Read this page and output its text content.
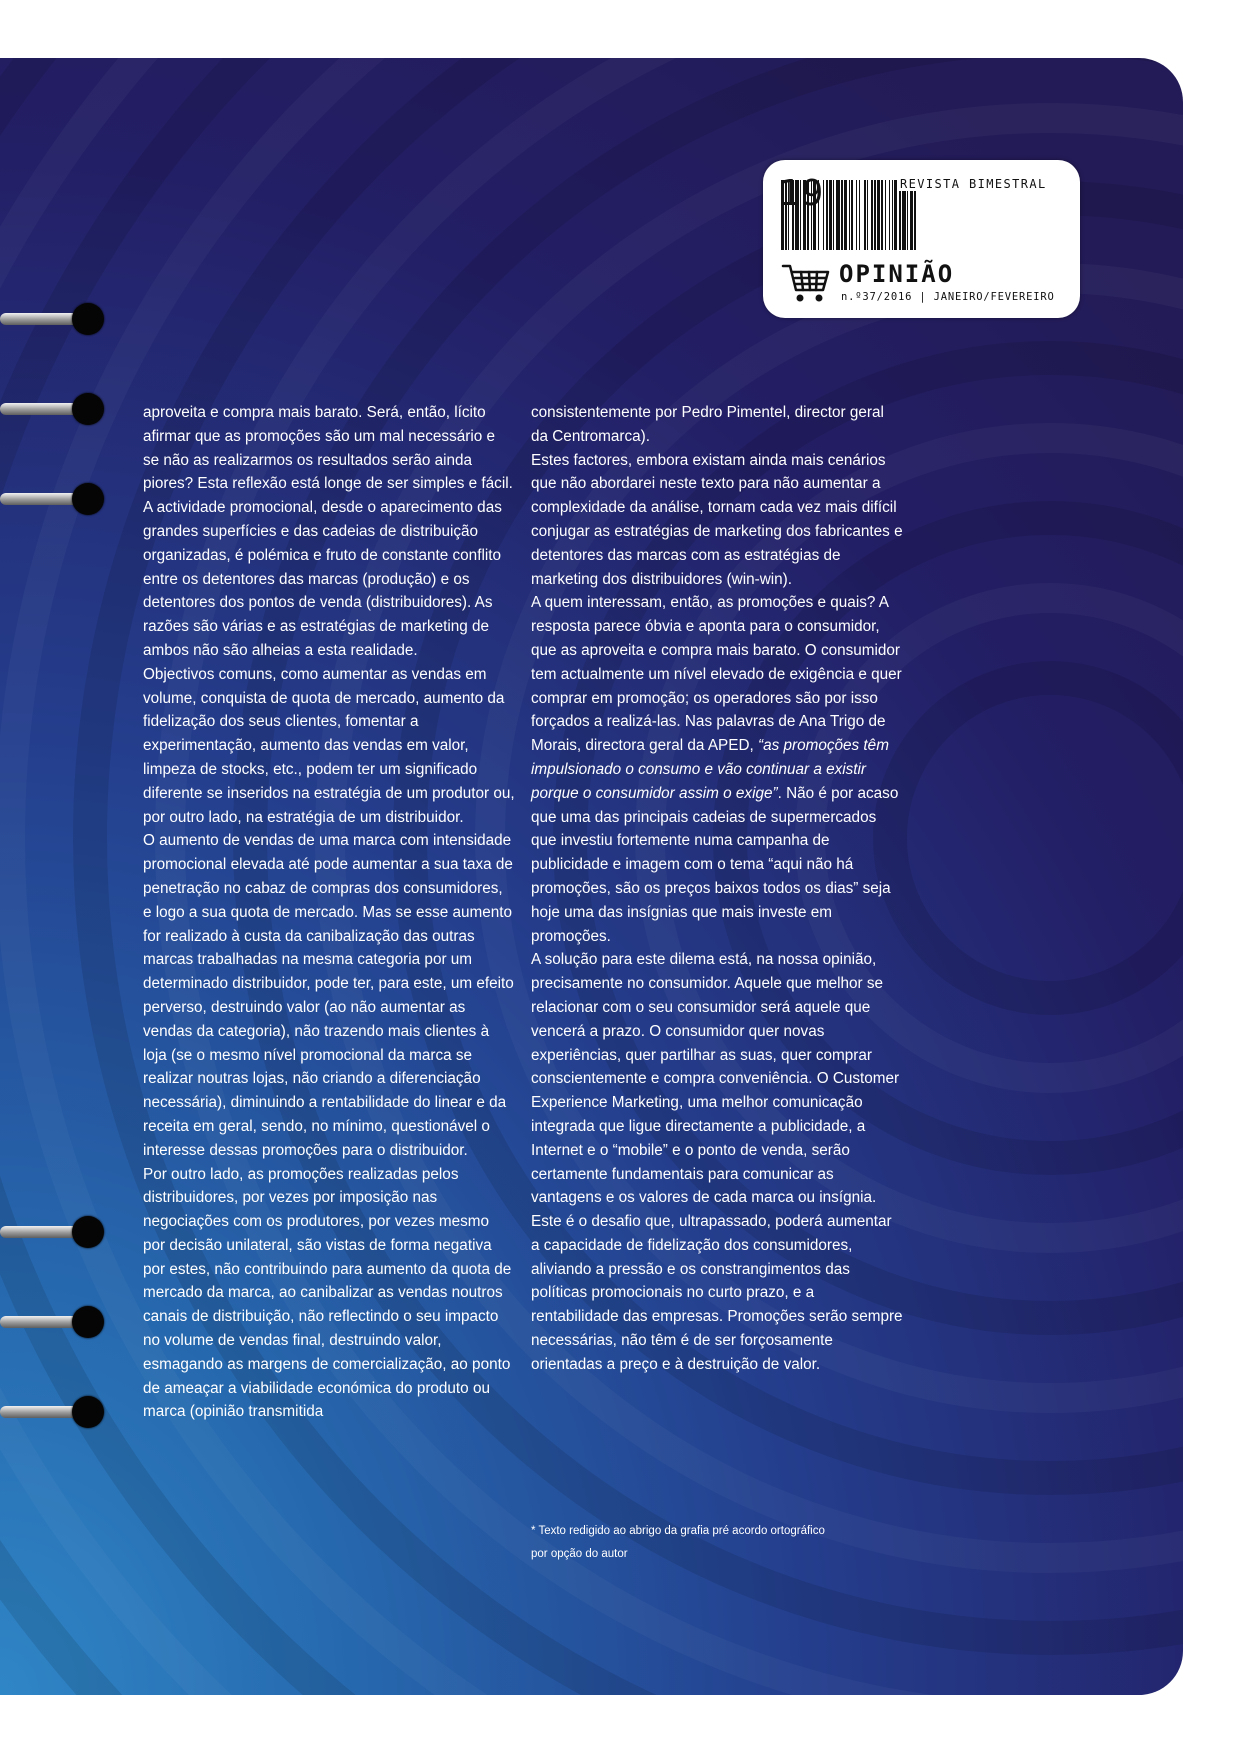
19	REVISTA BIMESTRAL
OPINIÃO
n.º37/2016 | JANEIRO/FEVEREIRO

aproveita e compra mais barato. Será, então, lícito afirmar que as promoções são um mal necessário e se não as realizarmos os resultados serão ainda piores? Esta reflexão está longe de ser simples e fácil.

A actividade promocional, desde o aparecimento das grandes superfícies e das cadeias de distribuição organizadas, é polémica e fruto de constante conflito entre os detentores das marcas (produção) e os detentores dos pontos de venda (distribuidores). As razões são várias e as estratégias de marketing de ambos não são alheias a esta realidade.

Objectivos comuns, como aumentar as vendas em volume, conquista de quota de mercado, aumento da fidelização dos seus clientes, fomentar a experimentação, aumento das vendas em valor, limpeza de stocks, etc., podem ter um significado diferente se inseridos na estratégia de um produtor ou, por outro lado, na estratégia de um distribuidor.

O aumento de vendas de uma marca com intensidade promocional elevada até pode aumentar a sua taxa de penetração no cabaz de compras dos consumidores, e logo a sua quota de mercado. Mas se esse aumento for realizado à custa da canibalização das outras marcas trabalhadas na mesma categoria por um determinado distribuidor, pode ter, para este, um efeito perverso, destruindo valor (ao não aumentar as vendas da categoria), não trazendo mais clientes à loja (se o mesmo nível promocional da marca se realizar noutras lojas, não criando a diferenciação necessária), diminuindo a rentabilidade do linear e da receita em geral, sendo, no mínimo, questionável o interesse dessas promoções para o distribuidor.

Por outro lado, as promoções realizadas pelos distribuidores, por vezes por imposição nas negociações com os produtores, por vezes mesmo por decisão unilateral, são vistas de forma negativa por estes, não contribuindo para aumento da quota de mercado da marca, ao canibalizar as vendas noutros canais de distribuição, não reflectindo o seu impacto no volume de vendas final, destruindo valor, esmagando as margens de comercialização, ao ponto de ameaçar a viabilidade económica do produto ou marca (opinião transmitida

consistentemente por Pedro Pimentel, director geral da Centromarca).

Estes factores, embora existam ainda mais cenários que não abordarei neste texto para não aumentar a complexidade da análise, tornam cada vez mais difícil conjugar as estratégias de marketing dos fabricantes e detentores das marcas com as estratégias de marketing dos distribuidores (win-win).

A quem interessam, então, as promoções e quais? A resposta parece óbvia e aponta para o consumidor, que as aproveita e compra mais barato. O consumidor tem actualmente um nível elevado de exigência e quer comprar em promoção; os operadores são por isso forçados a realizá-las. Nas palavras de Ana Trigo de Morais, directora geral da APED, “as promoções têm impulsionado o consumo e vão continuar a existir porque o consumidor assim o exige”. Não é por acaso que uma das principais cadeias de supermercados que investiu fortemente numa campanha de publicidade e imagem com o tema “aqui não há promoções, são os preços baixos todos os dias” seja hoje uma das insígnias que mais investe em promoções.

A solução para este dilema está, na nossa opinião, precisamente no consumidor. Aquele que melhor se relacionar com o seu consumidor será aquele que vencerá a prazo. O consumidor quer novas experiências, quer partilhar as suas, quer comprar conscientemente e compra conveniência. O Customer Experience Marketing, uma melhor comunicação integrada que ligue directamente a publicidade, a Internet e o “mobile” e o ponto de venda, serão certamente fundamentais para comunicar as vantagens e os valores de cada marca ou insígnia. Este é o desafio que, ultrapassado, poderá aumentar a capacidade de fidelização dos consumidores, aliviando a pressão e os constrangimentos das políticas promocionais no curto prazo, e a rentabilidade das empresas. Promoções serão sempre necessárias, não têm é de ser forçosamente orientadas a preço e à destruição de valor.

* Texto redigido ao abrigo da grafia pré acordo ortográfico
por opção do autor
